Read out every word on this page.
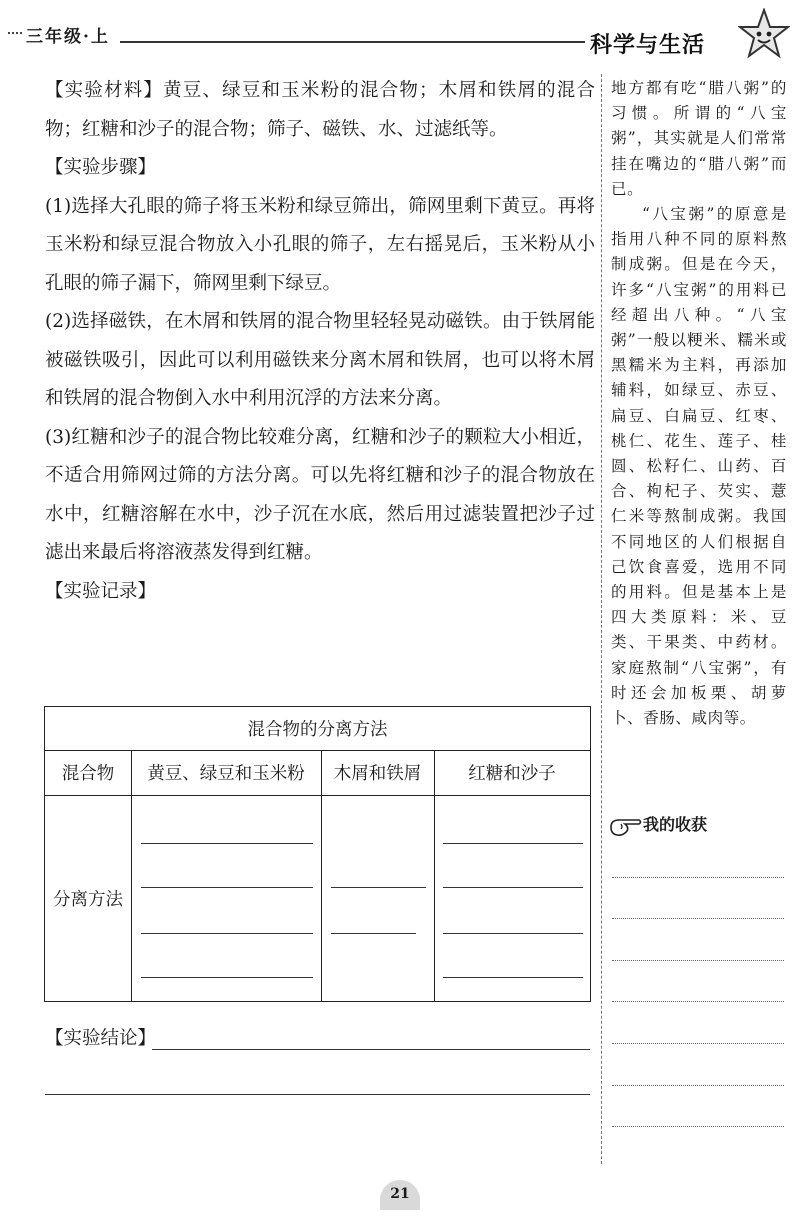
三年级·上	科学与生活

【实验材料】黄豆、绿豆和玉米粉的混合物；木屑和铁屑的混合物；红糖和沙子的混合物；筛子、磁铁、水、过滤纸等。

【实验步骤】

(1)选择大孔眼的筛子将玉米粉和绿豆筛出，筛网里剩下黄豆。再将玉米粉和绿豆混合物放入小孔眼的筛子，左右摇晃后，玉米粉从小孔眼的筛子漏下，筛网里剩下绿豆。

(2)选择磁铁，在木屑和铁屑的混合物里轻轻晃动磁铁。由于铁屑能被磁铁吸引，因此可以利用磁铁来分离木屑和铁屑，也可以将木屑和铁屑的混合物倒入水中利用沉浮的方法来分离。

(3)红糖和沙子的混合物比较难分离，红糖和沙子的颗粒大小相近，不适合用筛网过筛的方法分离。可以先将红糖和沙子的混合物放在水中，红糖溶解在水中，沙子沉在水底，然后用过滤装置把沙子过滤出来最后将溶液蒸发得到红糖。

【实验记录】

混合物的分离方法
混合物	黄豆、绿豆和玉米粉	木屑和铁屑	红糖和沙子
分离方法
【实验结论】

地方都有吃“腊八粥”的习惯。所谓的“八宝粥”，其实就是人们常常挂在嘴边的“腊八粥”而已。

“八宝粥”的原意是指用八种不同的原料熬制成粥。但是在今天，许多“八宝粥”的用料已经超出八种。“八宝粥”一般以粳米、糯米或黑糯米为主料，再添加辅料，如绿豆、赤豆、扁豆、白扁豆、红枣、桃仁、花生、莲子、桂圆、松籽仁、山药、百合、枸杞子、芡实、薏仁米等熬制成粥。我国不同地区的人们根据自己饮食喜爱，选用不同的用料。但是基本上是四大类原料：米、豆类、干果类、中药材。家庭熬制“八宝粥”，有时还会加板栗、胡萝卜、香肠、咸肉等。

我的收获
21
